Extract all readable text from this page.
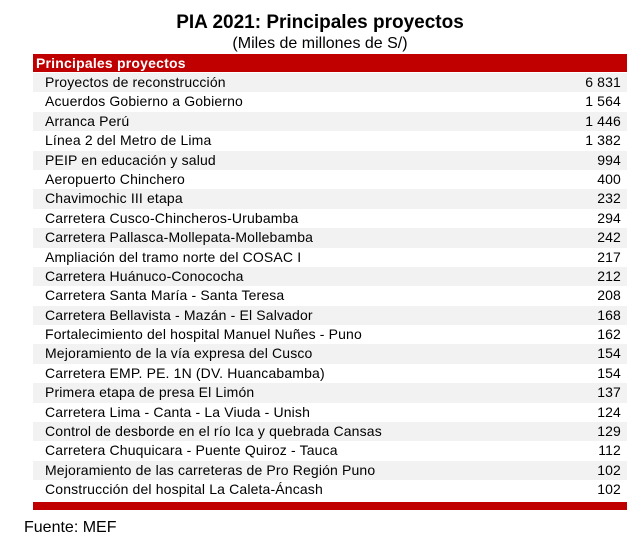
PIA 2021: Principales proyectos
(Miles de millones de S/)
Principales proyectos
Proyectos de reconstrucción	6 831
Acuerdos Gobierno a Gobierno	1 564
Arranca Perú	1 446
Línea 2 del Metro de Lima	1 382
PEIP en educación y salud	994
Aeropuerto Chinchero	400
Chavimochic III etapa	232
Carretera Cusco-Chincheros-Urubamba	294
Carretera Pallasca-Mollepata-Mollebamba	242
Ampliación del tramo norte del COSAC I	217
Carretera Huánuco-Conococha	212
Carretera Santa María - Santa Teresa	208
Carretera Bellavista - Mazán - El Salvador	168
Fortalecimiento del hospital Manuel Nuñes - Puno	162
Mejoramiento de la vía expresa del Cusco	154
Carretera EMP. PE. 1N (DV. Huancabamba)	154
Primera etapa de presa El Limón	137
Carretera Lima - Canta - La Viuda - Unish	124
Control de desborde en el río Ica y quebrada Cansas	129
Carretera Chuquicara - Puente Quiroz - Tauca	112
Mejoramiento de las carreteras de Pro Región Puno	102
Construcción del hospital La Caleta-Áncash	102
Fuente: MEF
